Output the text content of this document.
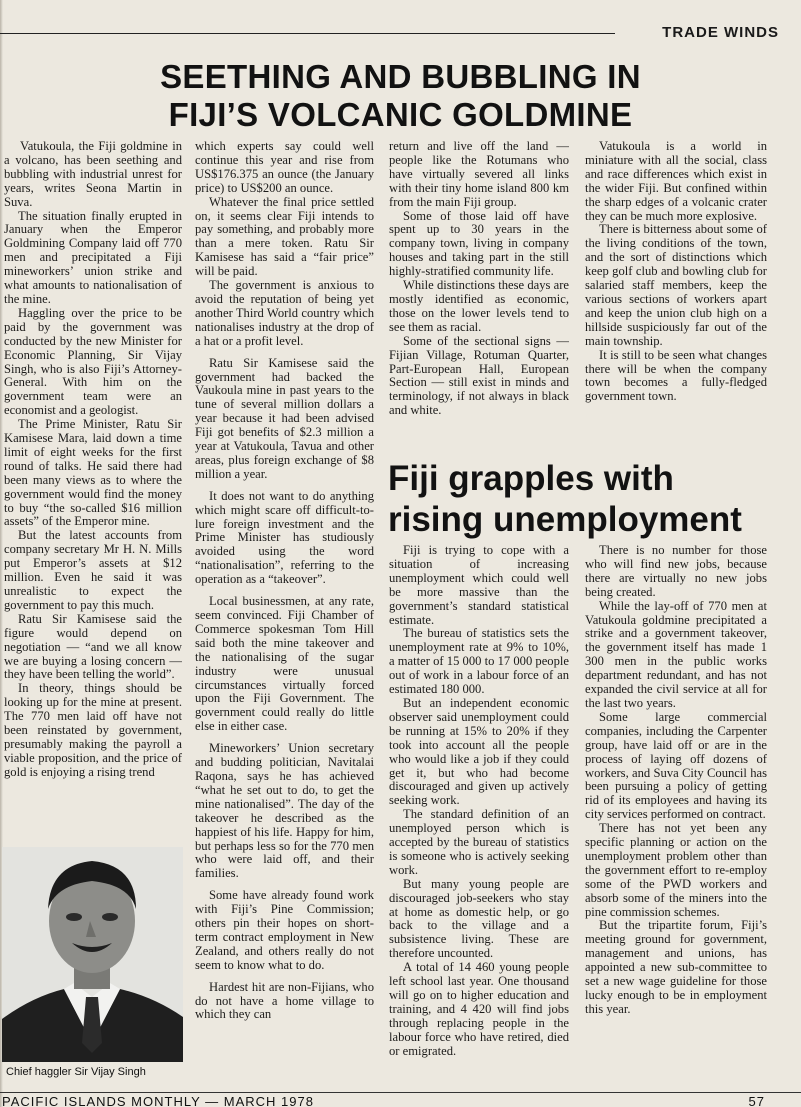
TRADE WINDS
SEETHING AND BUBBLING IN
FIJI’S VOLCANIC GOLDMINE

Vatukoula, the Fiji goldmine in a volcano, has been seething and bubbling with industrial unrest for years, writes Seona Martin in Suva.

The situation finally erupted in January when the Emperor Goldmining Company laid off 770 men and precipitated a Fiji mineworkers’ union strike and what amounts to nationalisation of the mine.

Haggling over the price to be paid by the government was conducted by the new Minister for Economic Planning, Sir Vijay Singh, who is also Fiji’s Attorney-General. With him on the government team were an economist and a geologist.

The Prime Minister, Ratu Sir Kamisese Mara, laid down a time limit of eight weeks for the first round of talks. He said there had been many views as to where the government would find the money to buy “the so-called $16 million assets” of the Emperor mine.

But the latest accounts from company secretary Mr H. N. Mills put Emperor’s assets at $12 million. Even he said it was unrealistic to expect the government to pay this much.

Ratu Sir Kamisese said the figure would depend on negotiation — “and we all know we are buying a losing concern — they have been telling the world”.

In theory, things should be looking up for the mine at present. The 770 men laid off have not been reinstated by government, presumably making the payroll a viable proposition, and the price of gold is enjoying a rising trend

Chief haggler Sir Vijay Singh

which experts say could well continue this year and rise from US$176.375 an ounce (the January price) to US$200 an ounce.

Whatever the final price settled on, it seems clear Fiji intends to pay something, and probably more than a mere token. Ratu Sir Kamisese has said a “fair price” will be paid.

The government is anxious to avoid the reputation of being yet another Third World country which nationalises industry at the drop of a hat or a profit level.

Ratu Sir Kamisese said the government had backed the Vaukoula mine in past years to the tune of several million dollars a year because it had been advised Fiji got benefits of $2.3 million a year at Vatukoula, Tavua and other areas, plus foreign exchange of $8 million a year.

It does not want to do anything which might scare off difficult-to-lure foreign investment and the Prime Minister has studiously avoided using the word “nationalisation”, referring to the operation as a “takeover”.

Local businessmen, at any rate, seem convinced. Fiji Chamber of Commerce spokesman Tom Hill said both the mine takeover and the nationalising of the sugar industry were unusual circumstances virtually forced upon the Fiji Government. The government could really do little else in either case.

Mineworkers’ Union secretary and budding politician, Navitalai Raqona, says he has achieved “what he set out to do, to get the mine nationalised”. The day of the takeover he described as the happiest of his life. Happy for him, but perhaps less so for the 770 men who were laid off, and their families.

Some have already found work with Fiji’s Pine Commission; others pin their hopes on short-term contract employment in New Zealand, and others really do not seem to know what to do.

Hardest hit are non-Fijians, who do not have a home village to which they can

return and live off the land — people like the Rotumans who have virtually severed all links with their tiny home island 800 km from the main Fiji group.

Some of those laid off have spent up to 30 years in the company town, living in company houses and taking part in the still highly-stratified community life.

While distinctions these days are mostly identified as economic, those on the lower levels tend to see them as racial.

Some of the sectional signs — Fijian Village, Rotuman Quarter, Part-European Hall, European Section — still exist in minds and terminology, if not always in black and white.

Vatukoula is a world in miniature with all the social, class and race differences which exist in the wider Fiji. But confined within the sharp edges of a volcanic crater they can be much more explosive.

There is bitterness about some of the living conditions of the town, and the sort of distinctions which keep golf club and bowling club for salaried staff members, keep the various sections of workers apart and keep the union club high on a hillside suspiciously far out of the main township.

It is still to be seen what changes there will be when the company town becomes a fully-fledged government town.

Fiji grapples with
rising unemployment

Fiji is trying to cope with a situation of increasing unemployment which could well be more massive than the government’s standard statistical estimate.

The bureau of statistics sets the unemployment rate at 9% to 10%, a matter of 15 000 to 17 000 people out of work in a labour force of an estimated 180 000.

But an independent economic observer said unemployment could be running at 15% to 20% if they took into account all the people who would like a job if they could get it, but who had become discouraged and given up actively seeking work.

The standard definition of an unemployed person which is accepted by the bureau of statistics is someone who is actively seeking work.

But many young people are discouraged job-seekers who stay at home as domestic help, or go back to the village and a subsistence living. These are therefore uncounted.

A total of 14 460 young people left school last year. One thousand will go on to higher education and training, and 4 420 will find jobs through replacing people in the labour force who have retired, died or emigrated.

There is no number for those who will find new jobs, because there are virtually no new jobs being created.

While the lay-off of 770 men at Vatukoula goldmine precipitated a strike and a government takeover, the government itself has made 1 300 men in the public works department redundant, and has not expanded the civil service at all for the last two years.

Some large commercial companies, including the Carpenter group, have laid off or are in the process of laying off dozens of workers, and Suva City Council has been pursuing a policy of getting rid of its employees and having its city services performed on contract.

There has not yet been any specific planning or action on the unemployment problem other than the government effort to re-employ some of the PWD workers and absorb some of the miners into the pine commission schemes.

But the tripartite forum, Fiji’s meeting ground for government, management and unions, has appointed a new sub-committee to set a new wage guideline for those lucky enough to be in employment this year.

PACIFIC ISLANDS MONTHLY — MARCH 1978	57
